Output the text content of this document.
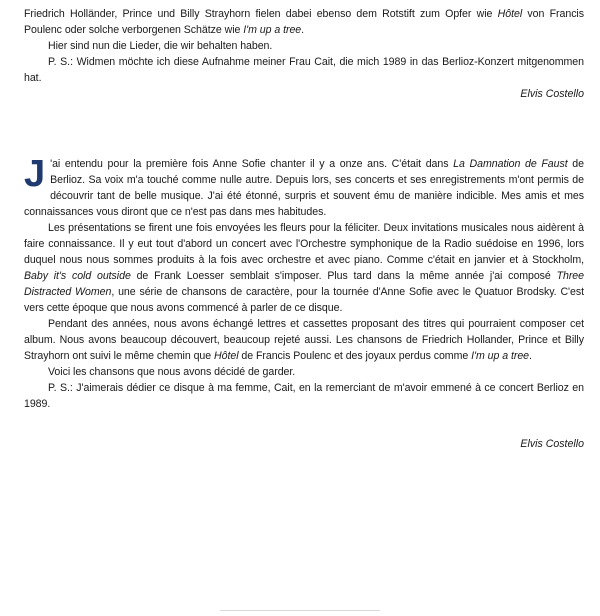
Friedrich Holländer, Prince und Billy Strayhorn fielen dabei ebenso dem Rotstift zum Opfer wie Hôtel von Francis Poulenc oder solche verborgenen Schätze wie I'm up a tree.

Hier sind nun die Lieder, die wir behalten haben.

P. S.: Widmen möchte ich diese Aufnahme meiner Frau Cait, die mich 1989 in das Berlioz-Konzert mitgenommen hat.

Elvis Costello

J 'ai entendu pour la première fois Anne Sofie chanter il y a onze ans. C'était dans La Damnation de Faust de Berlioz. Sa voix m'a touché comme nulle autre. Depuis lors, ses concerts et ses enregistrements m'ont permis de découvrir tant de belle musique. J'ai été étonné, surpris et souvent ému de manière indicible. Mes amis et mes connaissances vous diront que ce n'est pas dans mes habitudes.

Les présentations se firent une fois envoyées les fleurs pour la féliciter. Deux invitations musicales nous aidèrent à faire connaissance. Il y eut tout d'abord un concert avec l'Orchestre symphonique de la Radio suédoise en 1996, lors duquel nous nous sommes produits à la fois avec orchestre et avec piano. Comme c'était en janvier et à Stockholm, Baby it's cold outside de Frank Loesser semblait s'imposer. Plus tard dans la même année j'ai composé Three Distracted Women, une série de chansons de caractère, pour la tournée d'Anne Sofie avec le Quatuor Brodsky. C'est vers cette époque que nous avons commencé à parler de ce disque.

Pendant des années, nous avons échangé lettres et cassettes proposant des titres qui pourraient composer cet album. Nous avons beaucoup découvert, beaucoup rejeté aussi. Les chansons de Friedrich Hollander, Prince et Billy Strayhorn ont suivi le même chemin que Hôtel de Francis Poulenc et des joyaux perdus comme I'm up a tree.

Voici les chansons que nous avons décidé de garder.

P. S.: J'aimerais dédier ce disque à ma femme, Cait, en la remerciant de m'avoir emmené à ce concert Berlioz en 1989.

Elvis Costello
